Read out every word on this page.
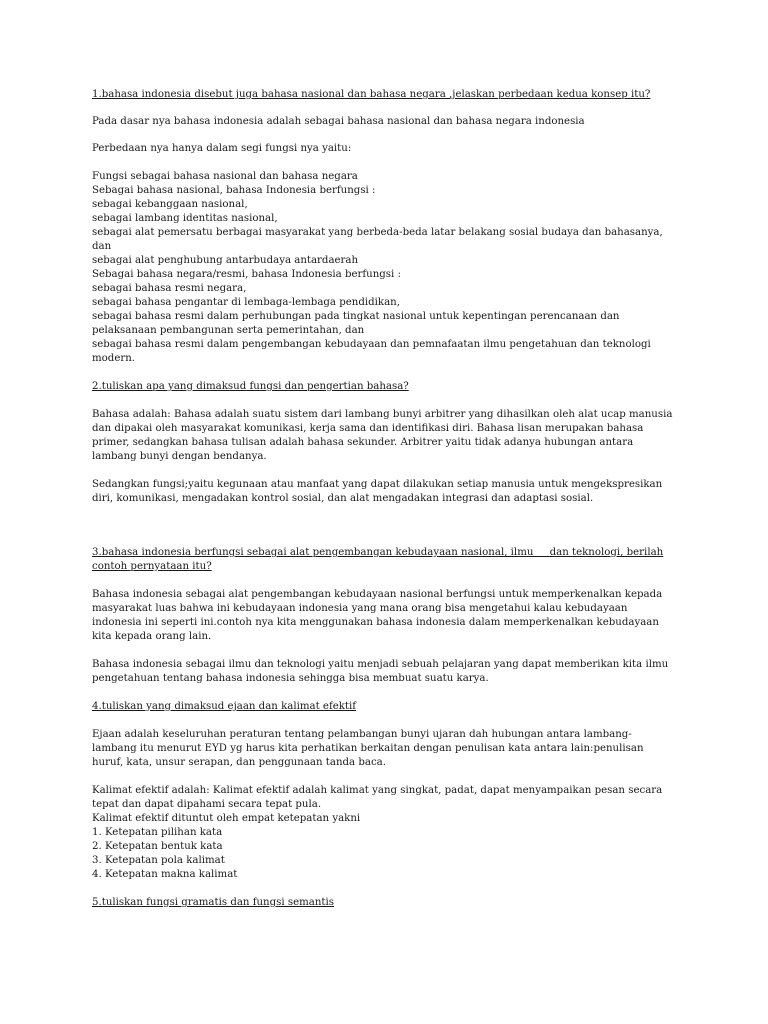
1.bahasa indonesia disebut juga bahasa nasional dan bahasa negara ,jelaskan perbedaan kedua konsep itu?

Pada dasar nya bahasa indonesia adalah sebagai bahasa nasional dan bahasa negara indonesia

Perbedaan nya hanya dalam segi fungsi nya yaitu:

Fungsi sebagai bahasa nasional dan bahasa negara
Sebagai bahasa nasional, bahasa Indonesia berfungsi :
sebagai kebanggaan nasional,
sebagai lambang identitas nasional,
sebagai alat pemersatu berbagai masyarakat yang berbeda-beda latar belakang sosial budaya dan bahasanya,
dan
sebagai alat penghubung antarbudaya antardaerah
Sebagai bahasa negara/resmi, bahasa Indonesia berfungsi :
sebagai bahasa resmi negara,
sebagai bahasa pengantar di lembaga-lembaga pendidikan,
sebagai bahasa resmi dalam perhubungan pada tingkat nasional untuk kepentingan perencanaan dan
pelaksanaan pembangunan serta pemerintahan, dan
sebagai bahasa resmi dalam pengembangan kebudayaan dan pemnafaatan ilmu pengetahuan dan teknologi
modern.

2.tuliskan apa yang dimaksud fungsi dan pengertian bahasa?

Bahasa adalah: Bahasa adalah suatu sistem dari lambang bunyi arbitrer yang dihasilkan oleh alat ucap manusia
dan dipakai oleh masyarakat komunikasi, kerja sama dan identifikasi diri. Bahasa lisan merupakan bahasa
primer, sedangkan bahasa tulisan adalah bahasa sekunder. Arbitrer yaitu tidak adanya hubungan antara
lambang bunyi dengan bendanya.
Sedangkan fungsi;yaitu kegunaan atau manfaat yang dapat dilakukan setiap manusia untuk mengekspresikan
diri, komunikasi, mengadakan kontrol sosial, dan alat mengadakan integrasi dan adaptasi sosial.
3.bahasa indonesia berfungsi sebagai alat pengembangan kebudayaan nasional, ilmu     dan teknologi, berilah
contoh pernyataan itu?
Bahasa indonesia sebagai alat pengembangan kebudayaan nasional berfungsi untuk memperkenalkan kepada
masyarakat luas bahwa ini kebudayaan indonesia yang mana orang bisa mengetahui kalau kebudayaan
indonesia ini seperti ini.contoh nya kita menggunakan bahasa indonesia dalam memperkenalkan kebudayaan
kita kepada orang lain.
Bahasa indonesia sebagai ilmu dan teknologi yaitu menjadi sebuah pelajaran yang dapat memberikan kita ilmu
pengetahuan tentang bahasa indonesia sehingga bisa membuat suatu karya.

4.tuliskan yang dimaksud ejaan dan kalimat efektif

Ejaan adalah keseluruhan peraturan tentang pelambangan bunyi ujaran dah hubungan antara lambang-
lambang itu menurut EYD yg harus kita perhatikan berkaitan dengan penulisan kata antara lain:penulisan
huruf, kata, unsur serapan, dan penggunaan tanda baca.
Kalimat efektif adalah: Kalimat efektif adalah kalimat yang singkat, padat, dapat menyampaikan pesan secara
tepat dan dapat dipahami secara tepat pula.
Kalimat efektif dituntut oleh empat ketepatan yakni
1. Ketepatan pilihan kata
2. Ketepatan bentuk kata
3. Ketepatan pola kalimat
4. Ketepatan makna kalimat

5.tuliskan fungsi gramatis dan fungsi semantis
